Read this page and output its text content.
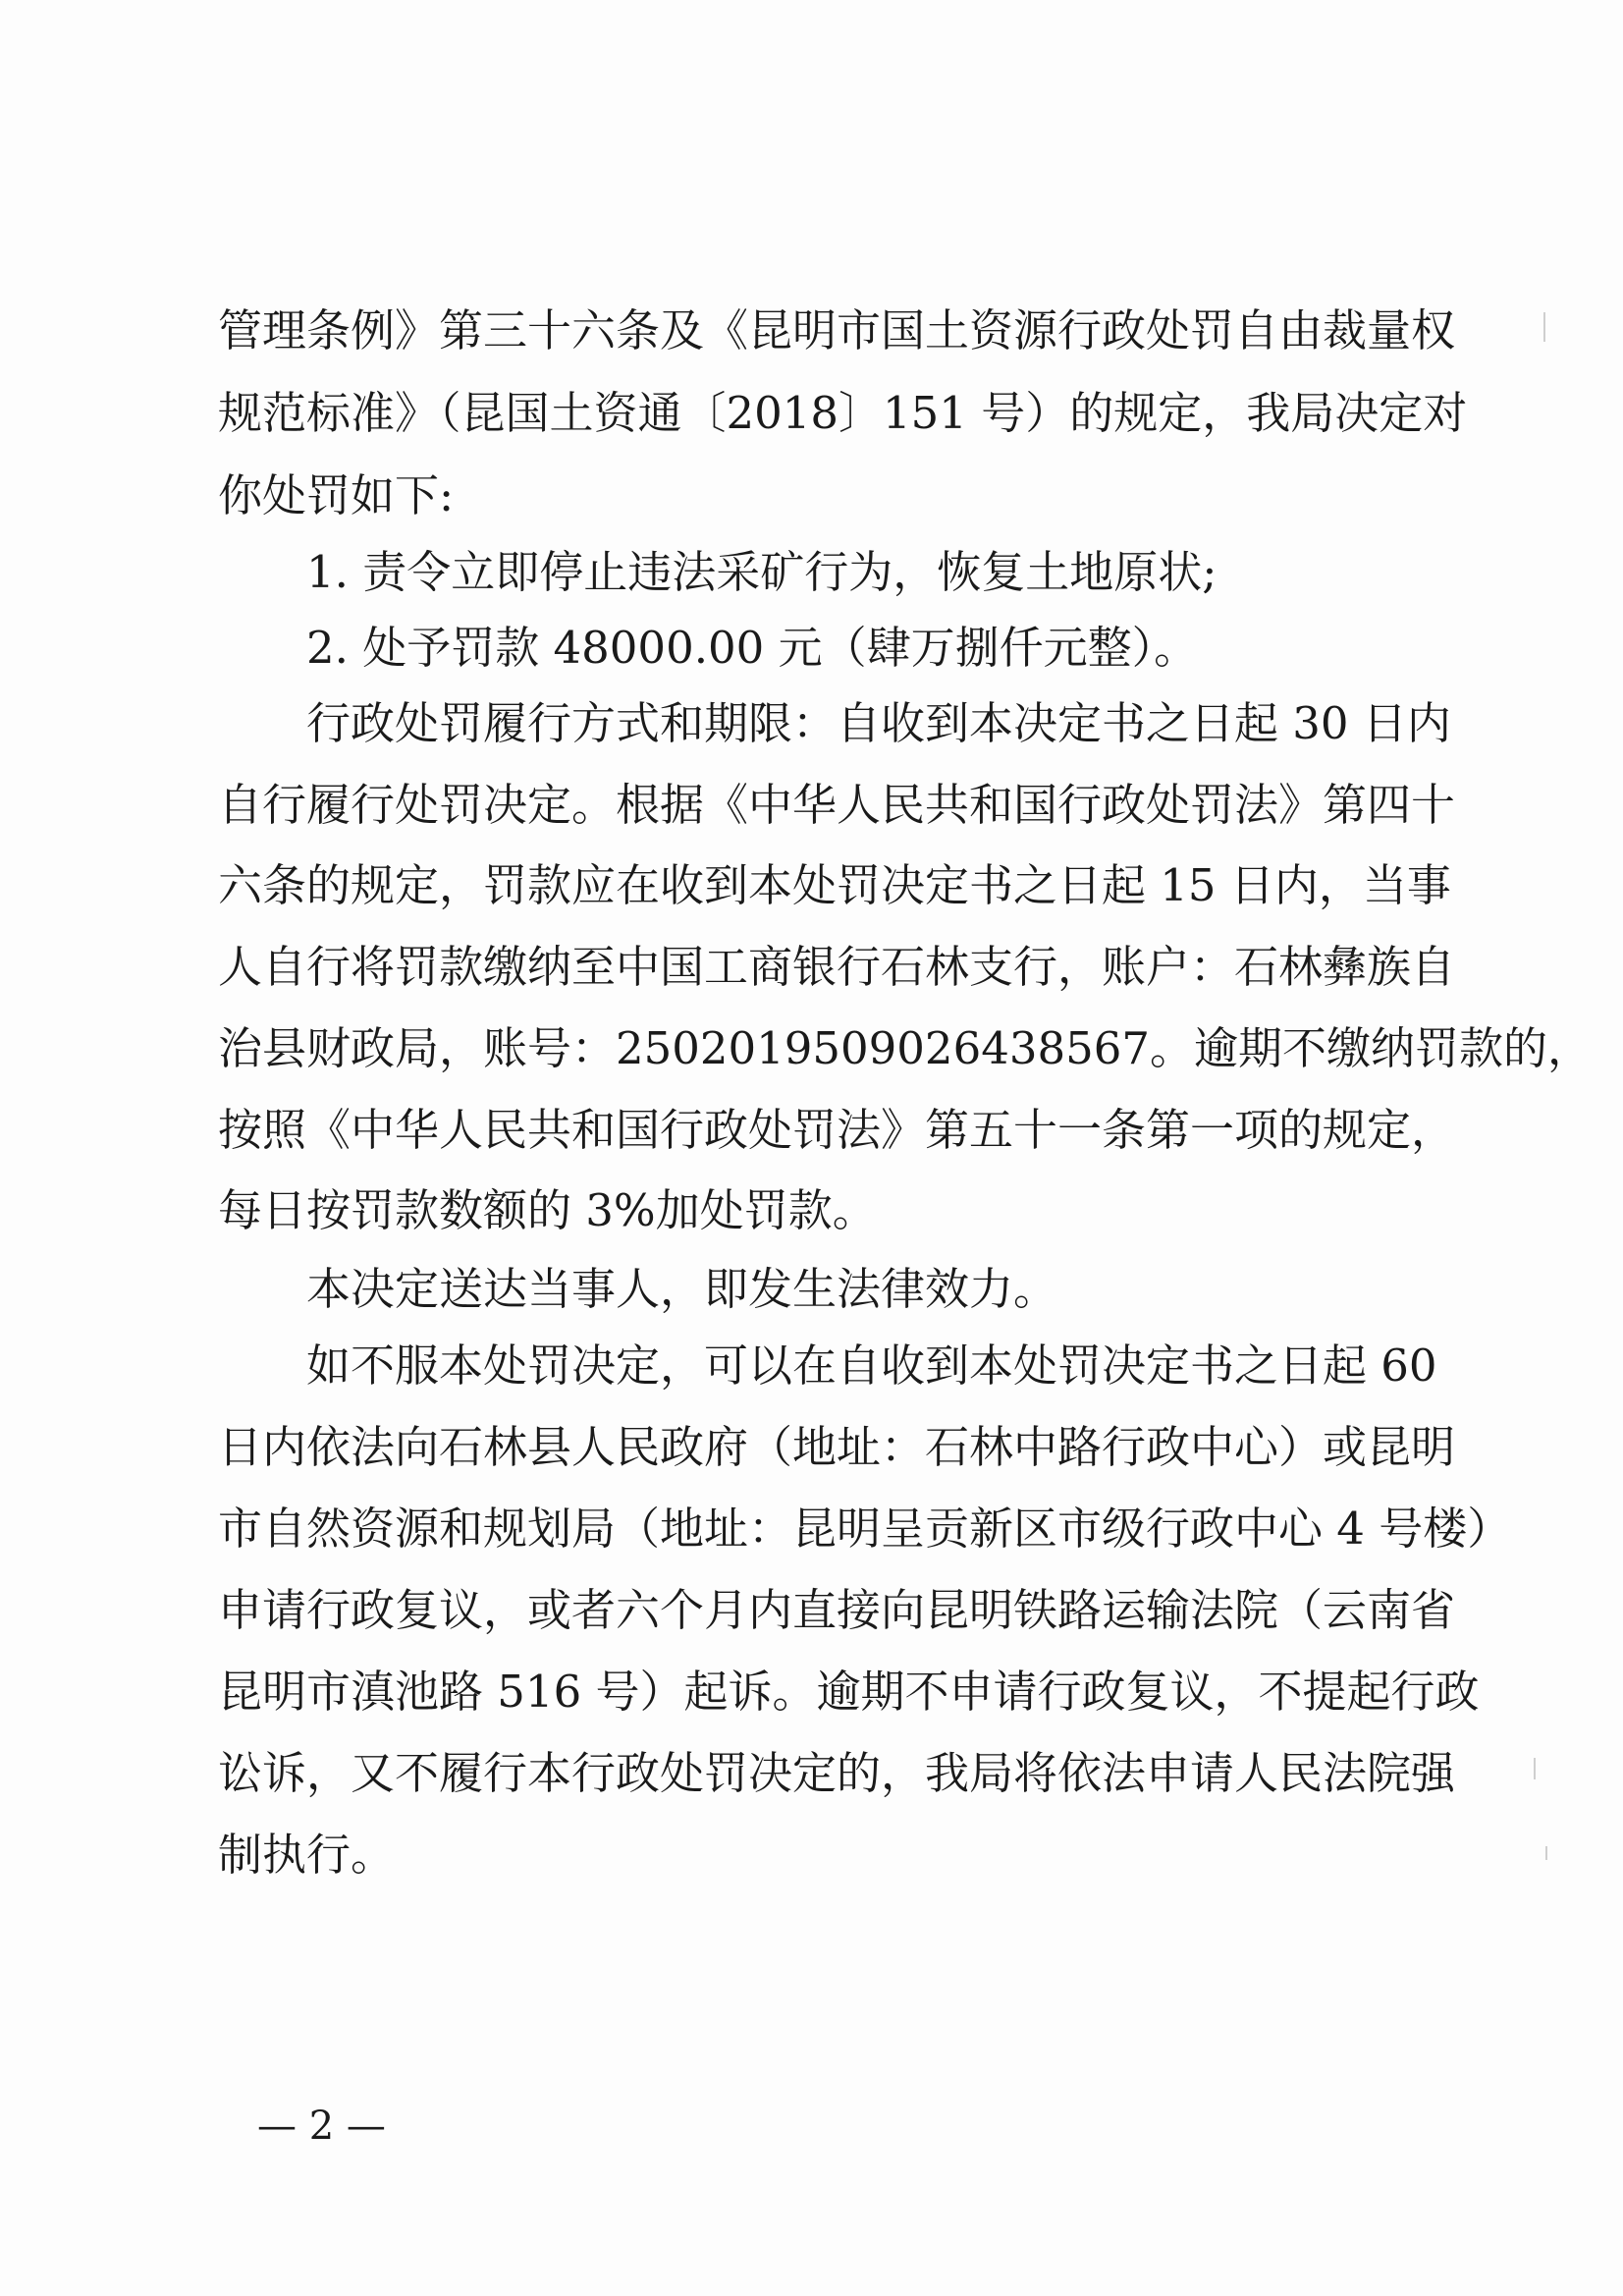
管理条例》第三十六条及《昆明市国土资源行政处罚自由裁量权
规范标准》（昆国土资通〔2018〕151 号）的规定，我局决定对
你处罚如下:
1. 责令立即停止违法采矿行为，恢复土地原状;
2. 处予罚款 48000.00 元（肆万捌仟元整）。
行政处罚履行方式和期限：自收到本决定书之日起 30 日内
自行履行处罚决定。根据《中华人民共和国行政处罚法》第四十
六条的规定，罚款应在收到本处罚决定书之日起 15 日内，当事
人自行将罚款缴纳至中国工商银行石林支行，账户：石林彝族自
治县财政局，账号：2502019509026438567。逾期不缴纳罚款的，
按照《中华人民共和国行政处罚法》第五十一条第一项的规定，
每日按罚款数额的 3%加处罚款。
本决定送达当事人，即发生法律效力。
如不服本处罚决定，可以在自收到本处罚决定书之日起 60
日内依法向石林县人民政府（地址：石林中路行政中心）或昆明
市自然资源和规划局（地址：昆明呈贡新区市级行政中心 4 号楼）
申请行政复议，或者六个月内直接向昆明铁路运输法院（云南省
昆明市滇池路 516 号）起诉。逾期不申请行政复议，不提起行政
讼诉，又不履行本行政处罚决定的，我局将依法申请人民法院强
制执行。
— 2 —
